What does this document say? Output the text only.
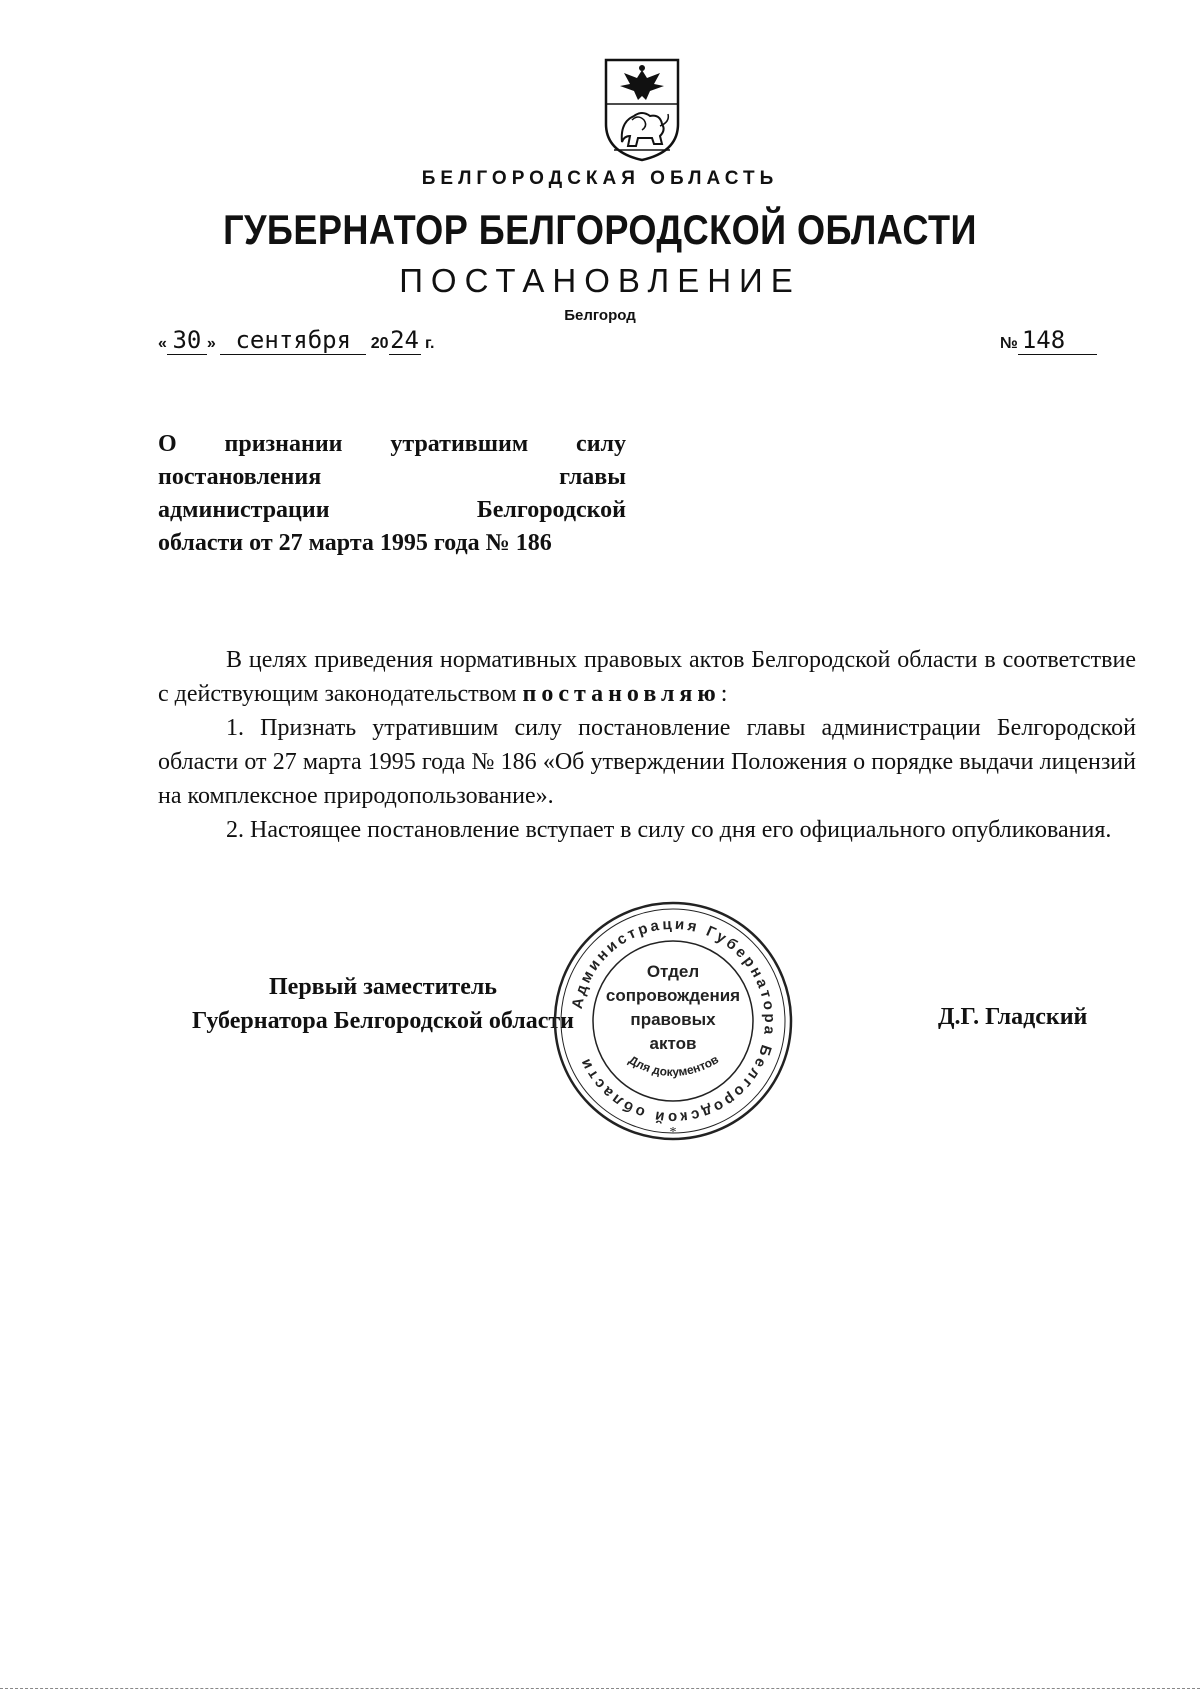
БЕЛГОРОДСКАЯ ОБЛАСТЬ
ГУБЕРНАТОР БЕЛГОРОДСКОЙ ОБЛАСТИ
ПОСТАНОВЛЕНИЕ
Белгород
« 30 » сентября 2024 г.	№ 148
О признании утратившим силу
постановления главы
администрации Белгородской
области от 27 марта 1995 года № 186

В целях приведения нормативных правовых актов Белгородской области в соответствие с действующим законодательством постановляю:

1. Признать утратившим силу постановление главы администрации Белгородской области от 27 марта 1995 года № 186 «Об утверждении Положения о порядке выдачи лицензий на комплексное природопользование».

2. Настоящее постановление вступает в силу со дня его официального опубликования.

Первый заместитель
Губернатора Белгородской области	Д.Г. Гладский
Администрация Губернатора Белгородской области	Для документов
*
Отдел
сопровождения
правовых
актов
